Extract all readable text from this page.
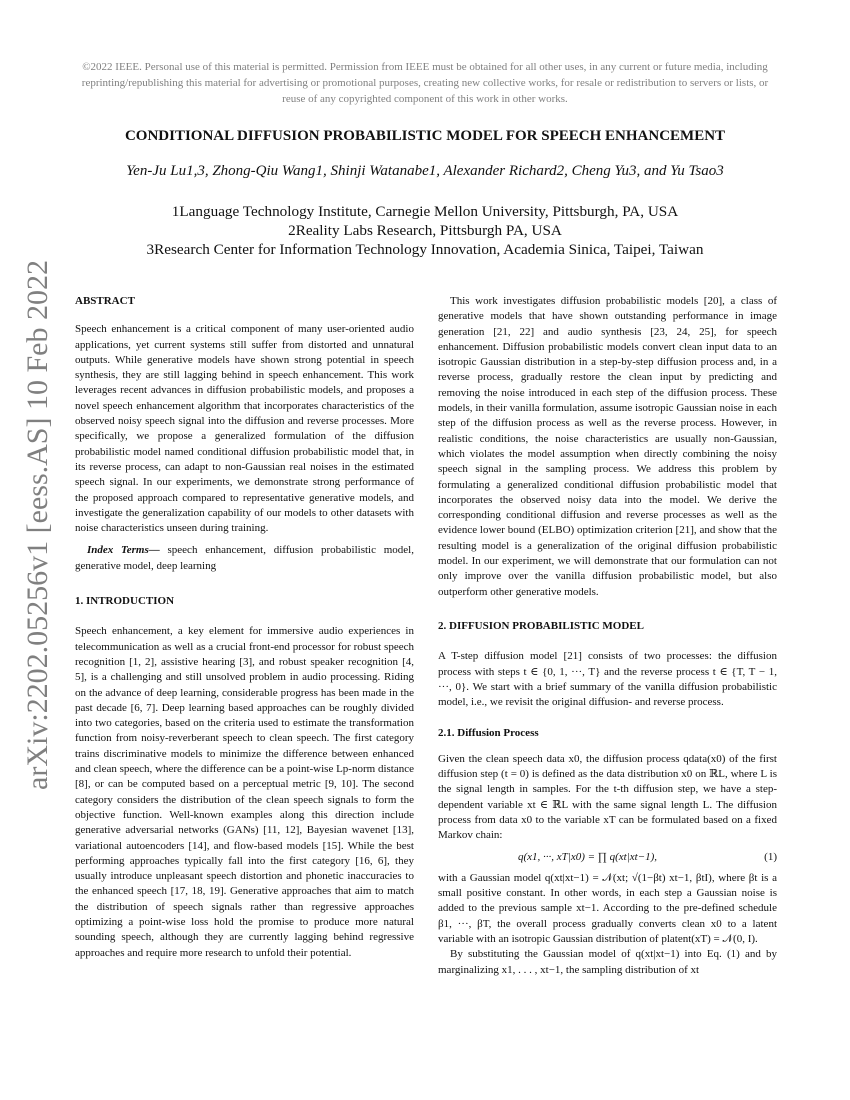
©2022 IEEE. Personal use of this material is permitted. Permission from IEEE must be obtained for all other uses, in any current or future media, including reprinting/republishing this material for advertising or promotional purposes, creating new collective works, for resale or redistribution to servers or lists, or reuse of any copyrighted component of this work in other works.
CONDITIONAL DIFFUSION PROBABILISTIC MODEL FOR SPEECH ENHANCEMENT
Yen-Ju Lu1,3, Zhong-Qiu Wang1, Shinji Watanabe1, Alexander Richard2, Cheng Yu3, and Yu Tsao3
1Language Technology Institute, Carnegie Mellon University, Pittsburgh, PA, USA
2Reality Labs Research, Pittsburgh PA, USA
3Research Center for Information Technology Innovation, Academia Sinica, Taipei, Taiwan
arXiv:2202.05256v1 [eess.AS] 10 Feb 2022	ABSTRACT

Speech enhancement is a critical component of many user-oriented audio applications, yet current systems still suffer from distorted and unnatural outputs. While generative models have shown strong potential in speech synthesis, they are still lagging behind in speech enhancement. This work leverages recent advances in diffusion probabilistic models, and proposes a novel speech enhancement algorithm that incorporates characteristics of the observed noisy speech signal into the diffusion and reverse processes. More specifically, we propose a generalized formulation of the diffusion probabilistic model named conditional diffusion probabilistic model that, in its reverse process, can adapt to non-Gaussian real noises in the estimated speech signal. In our experiments, we demonstrate strong performance of the proposed approach compared to representative generative models, and investigate the generalization capability of our models to other datasets with noise characteristics unseen during training.

Index Terms— speech enhancement, diffusion probabilistic model, generative model, deep learning

1. INTRODUCTION

Speech enhancement, a key element for immersive audio experiences in telecommunication as well as a crucial front-end processor for robust speech recognition [1, 2], assistive hearing [3], and robust speaker recognition [4, 5], is a challenging and still unsolved problem in audio processing. Riding on the advance of deep learning, considerable progress has been made in the past decade [6, 7]. Deep learning based approaches can be roughly divided into two categories, based on the criteria used to estimate the transformation function from noisy-reverberant speech to clean speech. The first category trains discriminative models to minimize the difference between enhanced and clean speech, where the difference can be a point-wise Lp-norm distance [8], or can be computed based on a perceptual metric [9, 10]. The second category considers the distribution of the clean speech signals to form the objective function. Well-known examples along this direction include generative adversarial networks (GANs) [11, 12], Bayesian wavenet [13], variational autoencoders [14], and flow-based models [15]. While the best performing approaches typically fall into the first category [16, 6], they usually introduce unpleasant speech distortion and phonetic inaccuracies to the enhanced speech [17, 18, 19]. Generative approaches that aim to match the distribution of speech signals rather than regressive approaches optimizing a point-wise loss hold the promise to produce more natural sounding speech, although they are currently lagging behind regressive approaches and require more research to unfold their potential.

This work investigates diffusion probabilistic models [20], a class of generative models that have shown outstanding performance in image generation [21, 22] and audio synthesis [23, 24, 25], for speech enhancement. Diffusion probabilistic models convert clean input data to an isotropic Gaussian distribution in a step-by-step diffusion process and, in a reverse process, gradually restore the clean input by predicting and removing the noise introduced in each step of the diffusion process. These models, in their vanilla formulation, assume isotropic Gaussian noise in each step of the diffusion process as well as the reverse process. However, in realistic conditions, the noise characteristics are usually non-Gaussian, which violates the model assumption when directly combining the noisy speech signal in the sampling process. We address this problem by formulating a generalized conditional diffusion probabilistic model that incorporates the observed noisy data into the model. We derive the corresponding conditional diffusion and reverse processes as well as the evidence lower bound (ELBO) optimization criterion [21], and show that the resulting model is a generalization of the original diffusion probabilistic model. In our experiment, we will demonstrate that our formulation can not only improve over the vanilla diffusion probabilistic model, but also outperform other generative models.

2. DIFFUSION PROBABILISTIC MODEL

A T-step diffusion model [21] consists of two processes: the diffusion process with steps t ∈ {0, 1, ···, T} and the reverse process t ∈ {T, T − 1, ···, 0}. We start with a brief summary of the vanilla diffusion probabilistic model, i.e., we revisit the original diffusion- and reverse process.

2.1. Diffusion Process

Given the clean speech data x0, the diffusion process qdata(x0) of the first diffusion step (t = 0) is defined as the data distribution x0 on ℝL, where L is the signal length in samples. For the t-th diffusion step, we have a step-dependent variable xt ∈ ℝL with the same signal length L. The diffusion process from data x0 to the variable xT can be formulated based on a fixed Markov chain:

q(x1, ···, xT|x0) = ∏ q(xt|xt−1),	(1)

with a Gaussian model q(xt|xt−1) = 𝒩(xt; √(1−βt) xt−1, βtI), where βt is a small positive constant. In other words, in each step a Gaussian noise is added to the previous sample xt−1. According to the pre-defined schedule β1, ···, βT, the overall process gradually converts clean x0 to a latent variable with an isotropic Gaussian distribution of platent(xT) = 𝒩(0, I).

By substituting the Gaussian model of q(xt|xt−1) into Eq. (1) and by marginalizing x1, . . . , xt−1, the sampling distribution of xt
